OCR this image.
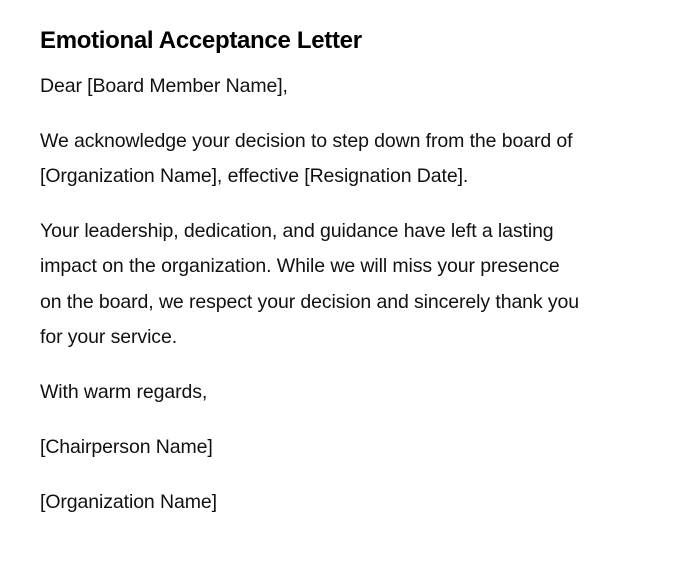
Emotional Acceptance Letter

Dear [Board Member Name],

We acknowledge your decision to step down from the board of
[Organization Name], effective [Resignation Date].

Your leadership, dedication, and guidance have left a lasting
impact on the organization. While we will miss your presence
on the board, we respect your decision and sincerely thank you
for your service.

With warm regards,

[Chairperson Name]

[Organization Name]
